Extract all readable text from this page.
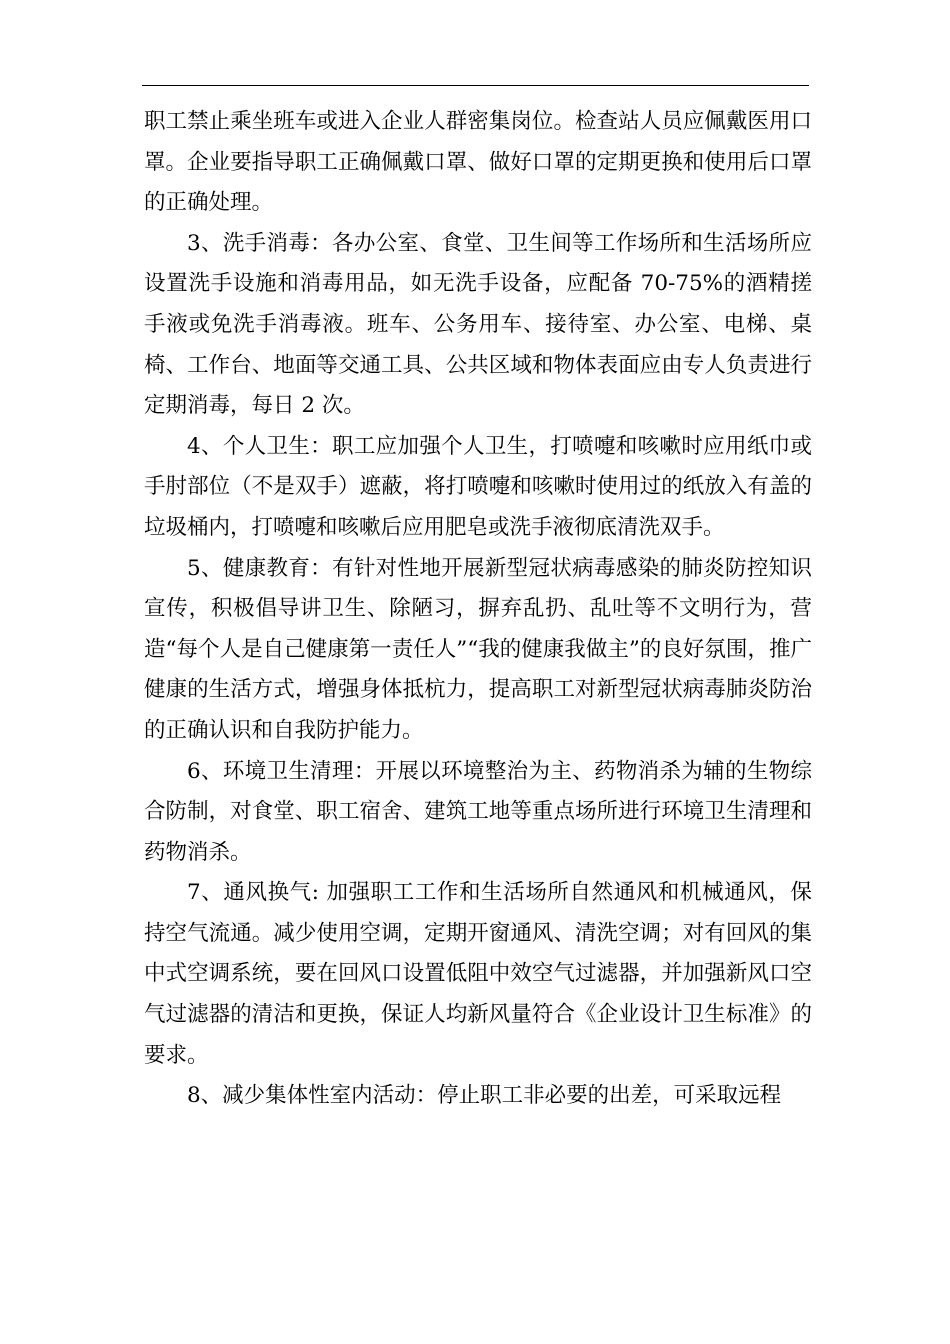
职工禁止乘坐班车或进入企业人群密集岗位。检查站人员应佩戴医用口罩。企业要指导职工正确佩戴口罩、做好口罩的定期更换和使用后口罩的正确处理。

3、洗手消毒：各办公室、食堂、卫生间等工作场所和生活场所应设置洗手设施和消毒用品，如无洗手设备，应配备 70-75%的酒精搓手液或免洗手消毒液。班车、公务用车、接待室、办公室、电梯、桌椅、工作台、地面等交通工具、公共区域和物体表面应由专人负责进行定期消毒，每日 2 次。

4、个人卫生：职工应加强个人卫生，打喷嚏和咳嗽时应用纸巾或手肘部位（不是双手）遮蔽，将打喷嚏和咳嗽时使用过的纸放入有盖的垃圾桶内，打喷嚏和咳嗽后应用肥皂或洗手液彻底清洗双手。

5、健康教育：有针对性地开展新型冠状病毒感染的肺炎防控知识宣传，积极倡导讲卫生、除陋习，摒弃乱扔、乱吐等不文明行为，营造“每个人是自己健康第一责任人”“我的健康我做主”的良好氛围，推广健康的生活方式，增强身体抵杭力，提高职工对新型冠状病毒肺炎防治的正确认识和自我防护能力。

6、环境卫生清理：开展以环境整治为主、药物消杀为辅的生物综合防制，对食堂、职工宿舍、建筑工地等重点场所进行环境卫生清理和药物消杀。

7、通风换气: 加强职工工作和生活场所自然通风和机械通风，保持空气流通。减少使用空调，定期开窗通风、清洗空调；对有回风的集中式空调系统，要在回风口设置低阻中效空气过滤器，并加强新风口空气过滤器的清洁和更换，保证人均新风量符合《企业设计卫生标准》的要求。

8、减少集体性室内活动：停止职工非必要的出差，可采取远程
